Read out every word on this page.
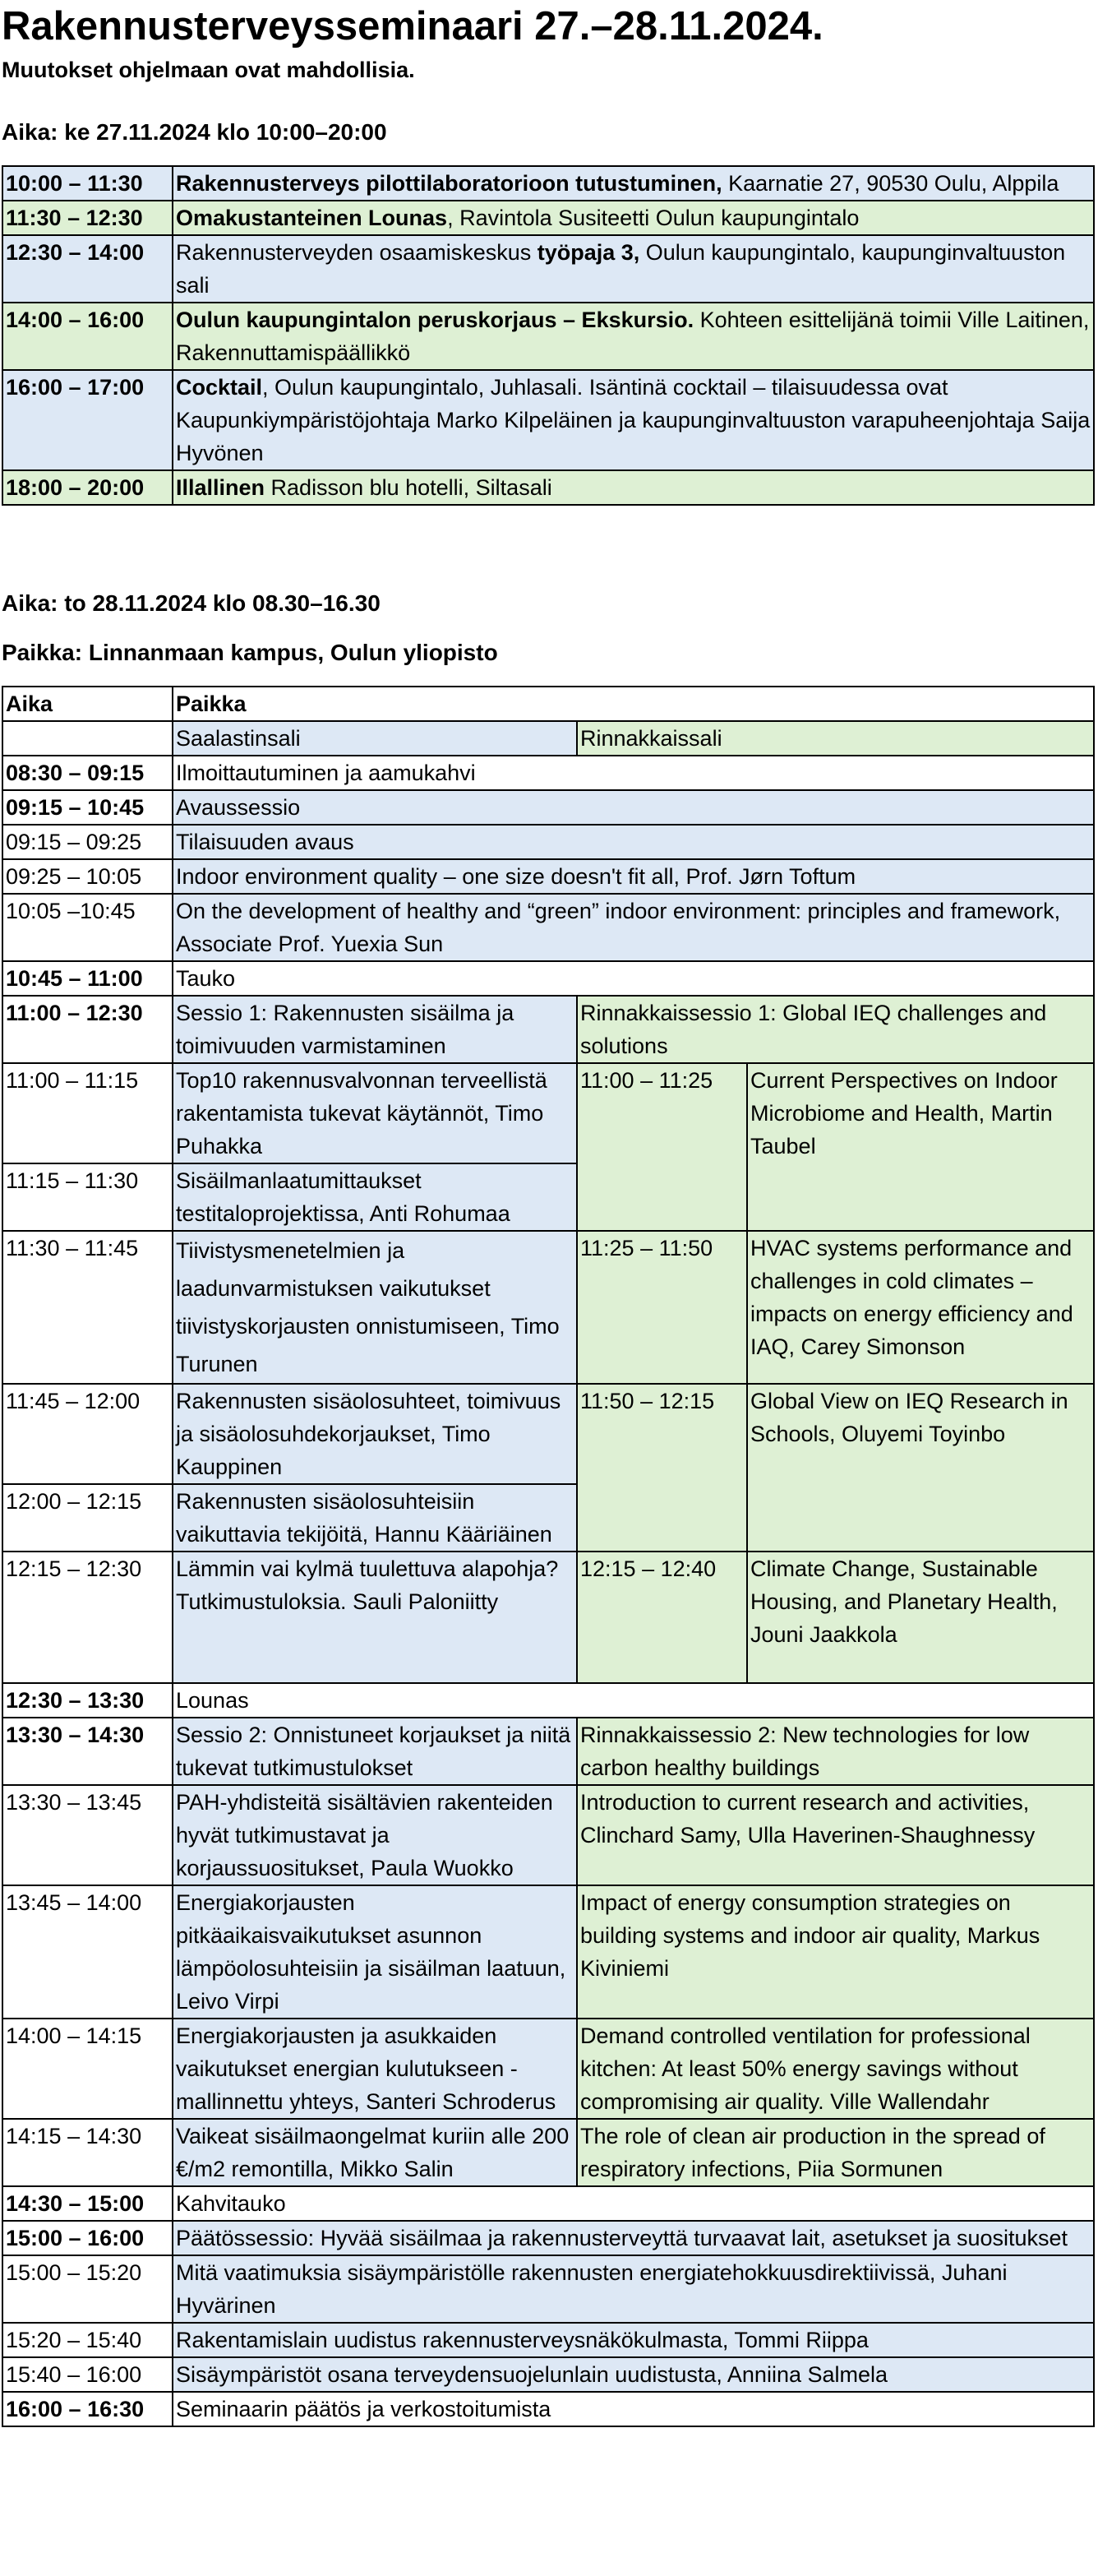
Rakennusterveysseminaari 27.–28.11.2024.
Muutokset ohjelmaan ovat mahdollisia.
Aika: ke 27.11.2024 klo 10:00–20:00
10:00 – 11:30	Rakennusterveys pilottilaboratorioon tutustuminen, Kaarnatie 27, 90530 Oulu, Alppila
11:30 – 12:30	Omakustanteinen Lounas, Ravintola Susiteetti Oulun kaupungintalo
12:30 – 14:00	Rakennusterveyden osaamiskeskus työpaja 3, Oulun kaupungintalo, kaupunginvaltuuston sali
14:00 – 16:00	Oulun kaupungintalon peruskorjaus – Ekskursio. Kohteen esittelijänä toimii Ville Laitinen, Rakennuttamispäällikkö
16:00 – 17:00	Cocktail, Oulun kaupungintalo, Juhlasali. Isäntinä cocktail – tilaisuudessa ovat Kaupunkiympäristöjohtaja Marko Kilpeläinen ja kaupunginvaltuuston varapuheenjohtaja Saija Hyvönen
18:00 – 20:00	Illallinen Radisson blu hotelli, Siltasali
Aika: to 28.11.2024 klo 08.30–16.30
Paikka: Linnanmaan kampus, Oulun yliopisto
Aika	Paikka		
	Saalastinsali	Rinnakkaissali	
08:30 – 09:15	Ilmoittautuminen ja aamukahvi		
09:15 – 10:45	Avaussessio		
09:15 – 09:25	Tilaisuuden avaus		
09:25 – 10:05	Indoor environment quality – one size doesn't fit all, Prof. Jørn Toftum		
10:05 –10:45	On the development of healthy and “green” indoor environment: principles and framework, Associate Prof. Yuexia Sun		
10:45 – 11:00	Tauko		
11:00 – 12:30	Sessio 1: Rakennusten sisäilma ja toimivuuden varmistaminen	Rinnakkaissessio 1: Global IEQ challenges and solutions	
11:00 – 11:15	Top10 rakennusvalvonnan terveellistä rakentamista tukevat käytännöt, Timo Puhakka	11:00 – 11:25	Current Perspectives on Indoor Microbiome and Health, Martin Taubel
11:15 – 11:30	Sisäilmanlaatumittaukset testitaloprojektissa, Anti Rohumaa		
11:30 – 11:45	Tiivistysmenetelmien ja laadunvarmistuksen vaikutukset tiivistyskorjausten onnistumiseen, Timo Turunen	11:25 – 11:50	HVAC systems performance and challenges in cold climates – impacts on energy efficiency and IAQ, Carey Simonson
11:45 – 12:00	Rakennusten sisäolosuhteet, toimivuus ja sisäolosuhdekorjaukset, Timo Kauppinen	11:50 – 12:15	Global View on IEQ Research in Schools, Oluyemi Toyinbo
12:00 – 12:15	Rakennusten sisäolosuhteisiin vaikuttavia tekijöitä, Hannu Kääriäinen		
12:15 – 12:30	Lämmin vai kylmä tuulettuva alapohja? Tutkimustuloksia. Sauli Paloniitty	12:15 – 12:40	Climate Change, Sustainable Housing, and Planetary Health, Jouni Jaakkola
12:30 – 13:30	Lounas		
13:30 – 14:30	Sessio 2: Onnistuneet korjaukset ja niitä tukevat tutkimustulokset	Rinnakkaissessio 2: New technologies for low carbon healthy buildings	
13:30 – 13:45	PAH-yhdisteitä sisältävien rakenteiden hyvät tutkimustavat ja korjaussuositukset, Paula Wuokko	Introduction to current research and activities, Clinchard Samy, Ulla Haverinen-Shaughnessy	
13:45 – 14:00	Energiakorjausten pitkäaikaisvaikutukset asunnon lämpöolosuhteisiin ja sisäilman laatuun, Leivo Virpi	Impact of energy consumption strategies on building systems and indoor air quality, Markus Kiviniemi	
14:00 – 14:15	Energiakorjausten ja asukkaiden vaikutukset energian kulutukseen - mallinnettu yhteys, Santeri Schroderus	Demand controlled ventilation for professional kitchen: At least 50% energy savings without compromising air quality. Ville Wallendahr	
14:15 – 14:30	Vaikeat sisäilmaongelmat kuriin alle 200 €/m2 remontilla, Mikko Salin	The role of clean air production in the spread of respiratory infections, Piia Sormunen	
14:30 – 15:00	Kahvitauko		
15:00 – 16:00	Päätössessio: Hyvää sisäilmaa ja rakennusterveyttä turvaavat lait, asetukset ja suositukset		
15:00 – 15:20	Mitä vaatimuksia sisäympäristölle rakennusten energiatehokkuusdirektiivissä, Juhani Hyvärinen		
15:20 – 15:40	Rakentamislain uudistus rakennusterveysnäkökulmasta, Tommi Riippa		
15:40 – 16:00	Sisäympäristöt osana terveydensuojelunlain uudistusta, Anniina Salmela		
16:00 – 16:30	Seminaarin päätös ja verkostoitumista		
